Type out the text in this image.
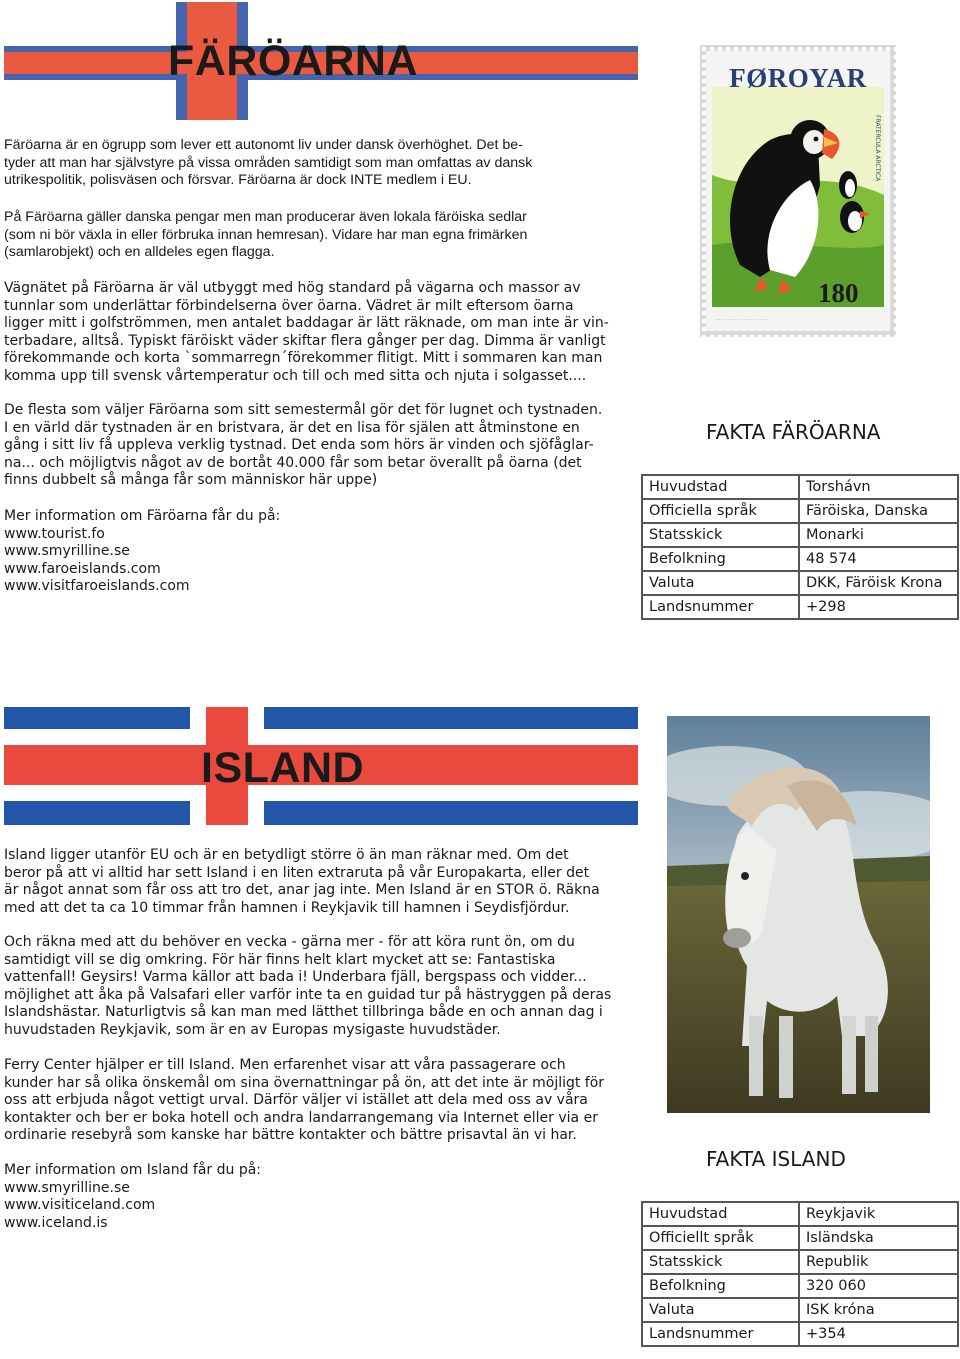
FÄRÖARNA

Färöarna är en ögrupp som lever ett autonomt liv under dansk överhöghet. Det be-
tyder att man har självstyre på vissa områden samtidigt som man omfattas av dansk
utrikespolitik, polisväsen och försvar. Färöarna är dock INTE medlem i EU.

På Färöarna gäller danska pengar men man producerar även lokala färöiska sedlar
(som ni bör växla in eller förbruka innan hemresan). Vidare har man egna frimärken
(samlarobjekt) och en alldeles egen flagga.

Vägnätet på Färöarna är väl utbyggt med hög standard på vägarna och massor av
tunnlar som underlättar förbindelserna över öarna. Vädret är milt eftersom öarna
ligger mitt i golfströmmen, men antalet baddagar är lätt räknade, om man inte är vin-
terbadare, alltså. Typiskt färöiskt väder skiftar flera gånger per dag. Dimma är vanligt
förekommande och korta `sommarregn´förekommer flitigt. Mitt i sommaren kan man
komma upp till svensk vårtemperatur och till och med sitta och njuta i solgasset....

De flesta som väljer Färöarna som sitt semestermål gör det för lugnet och tystnaden.
I en värld där tystnaden är en bristvara, är det en lisa för själen att åtminstone en
gång i sitt liv få uppleva verklig tystnad. Det enda som hörs är vinden och sjöfåglar-
na... och möjligtvis något av de bortåt 40.000 får som betar överallt på öarna (det
finns dubbelt så många får som människor här uppe)

Mer information om Färöarna får du på:
www.tourist.fo
www.smyrilline.se
www.faroeislands.com
www.visitfaroeislands.com

FRATERCULA ARCTICA
· · · · · · · · · · · · · · · · ·
FØROYAR
180
FAKTA FÄRÖARNA
Huvudstad	Torshávn
Officiella språk	Färöiska, Danska
Statsskick	Monarki
Befolkning	48 574
Valuta	DKK, Färöisk Krona
Landsnummer	+298
ISLAND

Island ligger utanför EU och är en betydligt större ö än man räknar med. Om det
beror på att vi alltid har sett Island i en liten extraruta på vår Europakarta, eller det
är något annat som får oss att tro det, anar jag inte. Men Island är en STOR ö. Räkna
med att det ta ca 10 timmar från hamnen i Reykjavik till hamnen i Seydisfjördur.

Och räkna med att du behöver en vecka - gärna mer - för att köra runt ön, om du
samtidigt vill se dig omkring. För här finns helt klart mycket att se: Fantastiska
vattenfall! Geysirs! Varma källor att bada i! Underbara fjäll, bergspass och vidder...
möjlighet att åka på Valsafari eller varför inte ta en guidad tur på hästryggen på deras
Islandshästar. Naturligtvis så kan man med lätthet tillbringa både en och annan dag i
huvudstaden Reykjavik, som är en av Europas mysigaste huvudstäder.

Ferry Center hjälper er till Island. Men erfarenhet visar att våra passagerare och
kunder har så olika önskemål om sina övernattningar på ön, att det inte är möjligt för
oss att erbjuda något vettigt urval. Därför väljer vi istället att dela med oss av våra
kontakter och ber er boka hotell och andra landarrangemang via Internet eller via er
ordinarie resebyrå som kanske har bättre kontakter och bättre prisavtal än vi har.

Mer information om Island får du på:
www.smyrilline.se
www.visiticeland.com
www.iceland.is

FAKTA ISLAND
Huvudstad	Reykjavik
Officiellt språk	Isländska
Statsskick	Republik
Befolkning	320 060
Valuta	ISK króna
Landsnummer	+354
